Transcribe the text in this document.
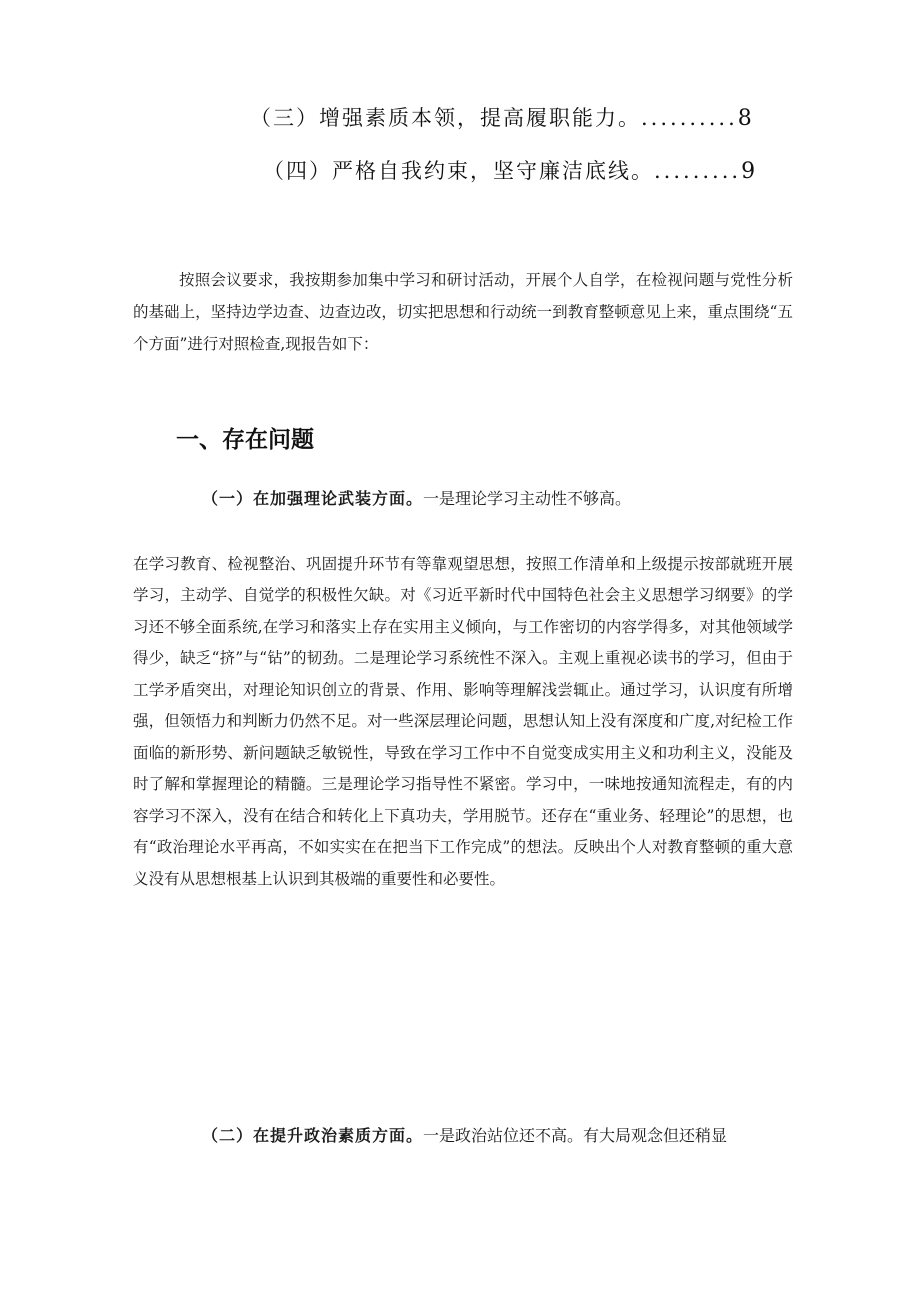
（三）增强素质本领，提高履职能力。..........8
（四）严格自我约束，坚守廉洁底线。.........9

按照会议要求，我按期参加集中学习和研讨活动，开展个人自学，在检视问题与党性分析的基础上，坚持边学边查、边查边改，切实把思想和行动统一到教育整顿意见上来，重点围绕“五个方面”进行对照检查,现报告如下：

一、存在问题
（一）在加强理论武装方面。一是理论学习主动性不够高。

在学习教育、检视整治、巩固提升环节有等靠观望思想，按照工作清单和上级提示按部就班开展学习，主动学、自觉学的积极性欠缺。对《习近平新时代中国特色社会主义思想学习纲要》的学习还不够全面系统,在学习和落实上存在实用主义倾向，与工作密切的内容学得多，对其他领域学得少，缺乏“挤”与“钻”的韧劲。二是理论学习系统性不深入。主观上重视必读书的学习，但由于工学矛盾突出，对理论知识创立的背景、作用、影响等理解浅尝辄止。通过学习，认识度有所增强，但领悟力和判断力仍然不足。对一些深层理论问题，思想认知上没有深度和广度,对纪检工作面临的新形势、新问题缺乏敏锐性，导致在学习工作中不自觉变成实用主义和功利主义，没能及时了解和掌握理论的精髓。三是理论学习指导性不紧密。学习中，一味地按通知流程走，有的内容学习不深入，没有在结合和转化上下真功夫，学用脱节。还存在“重业务、轻理论”的思想，也有“政治理论水平再高，不如实实在在把当下工作完成”的想法。反映出个人对教育整顿的重大意义没有从思想根基上认识到其极端的重要性和必要性。

（二）在提升政治素质方面。一是政治站位还不高。有大局观念但还稍显
